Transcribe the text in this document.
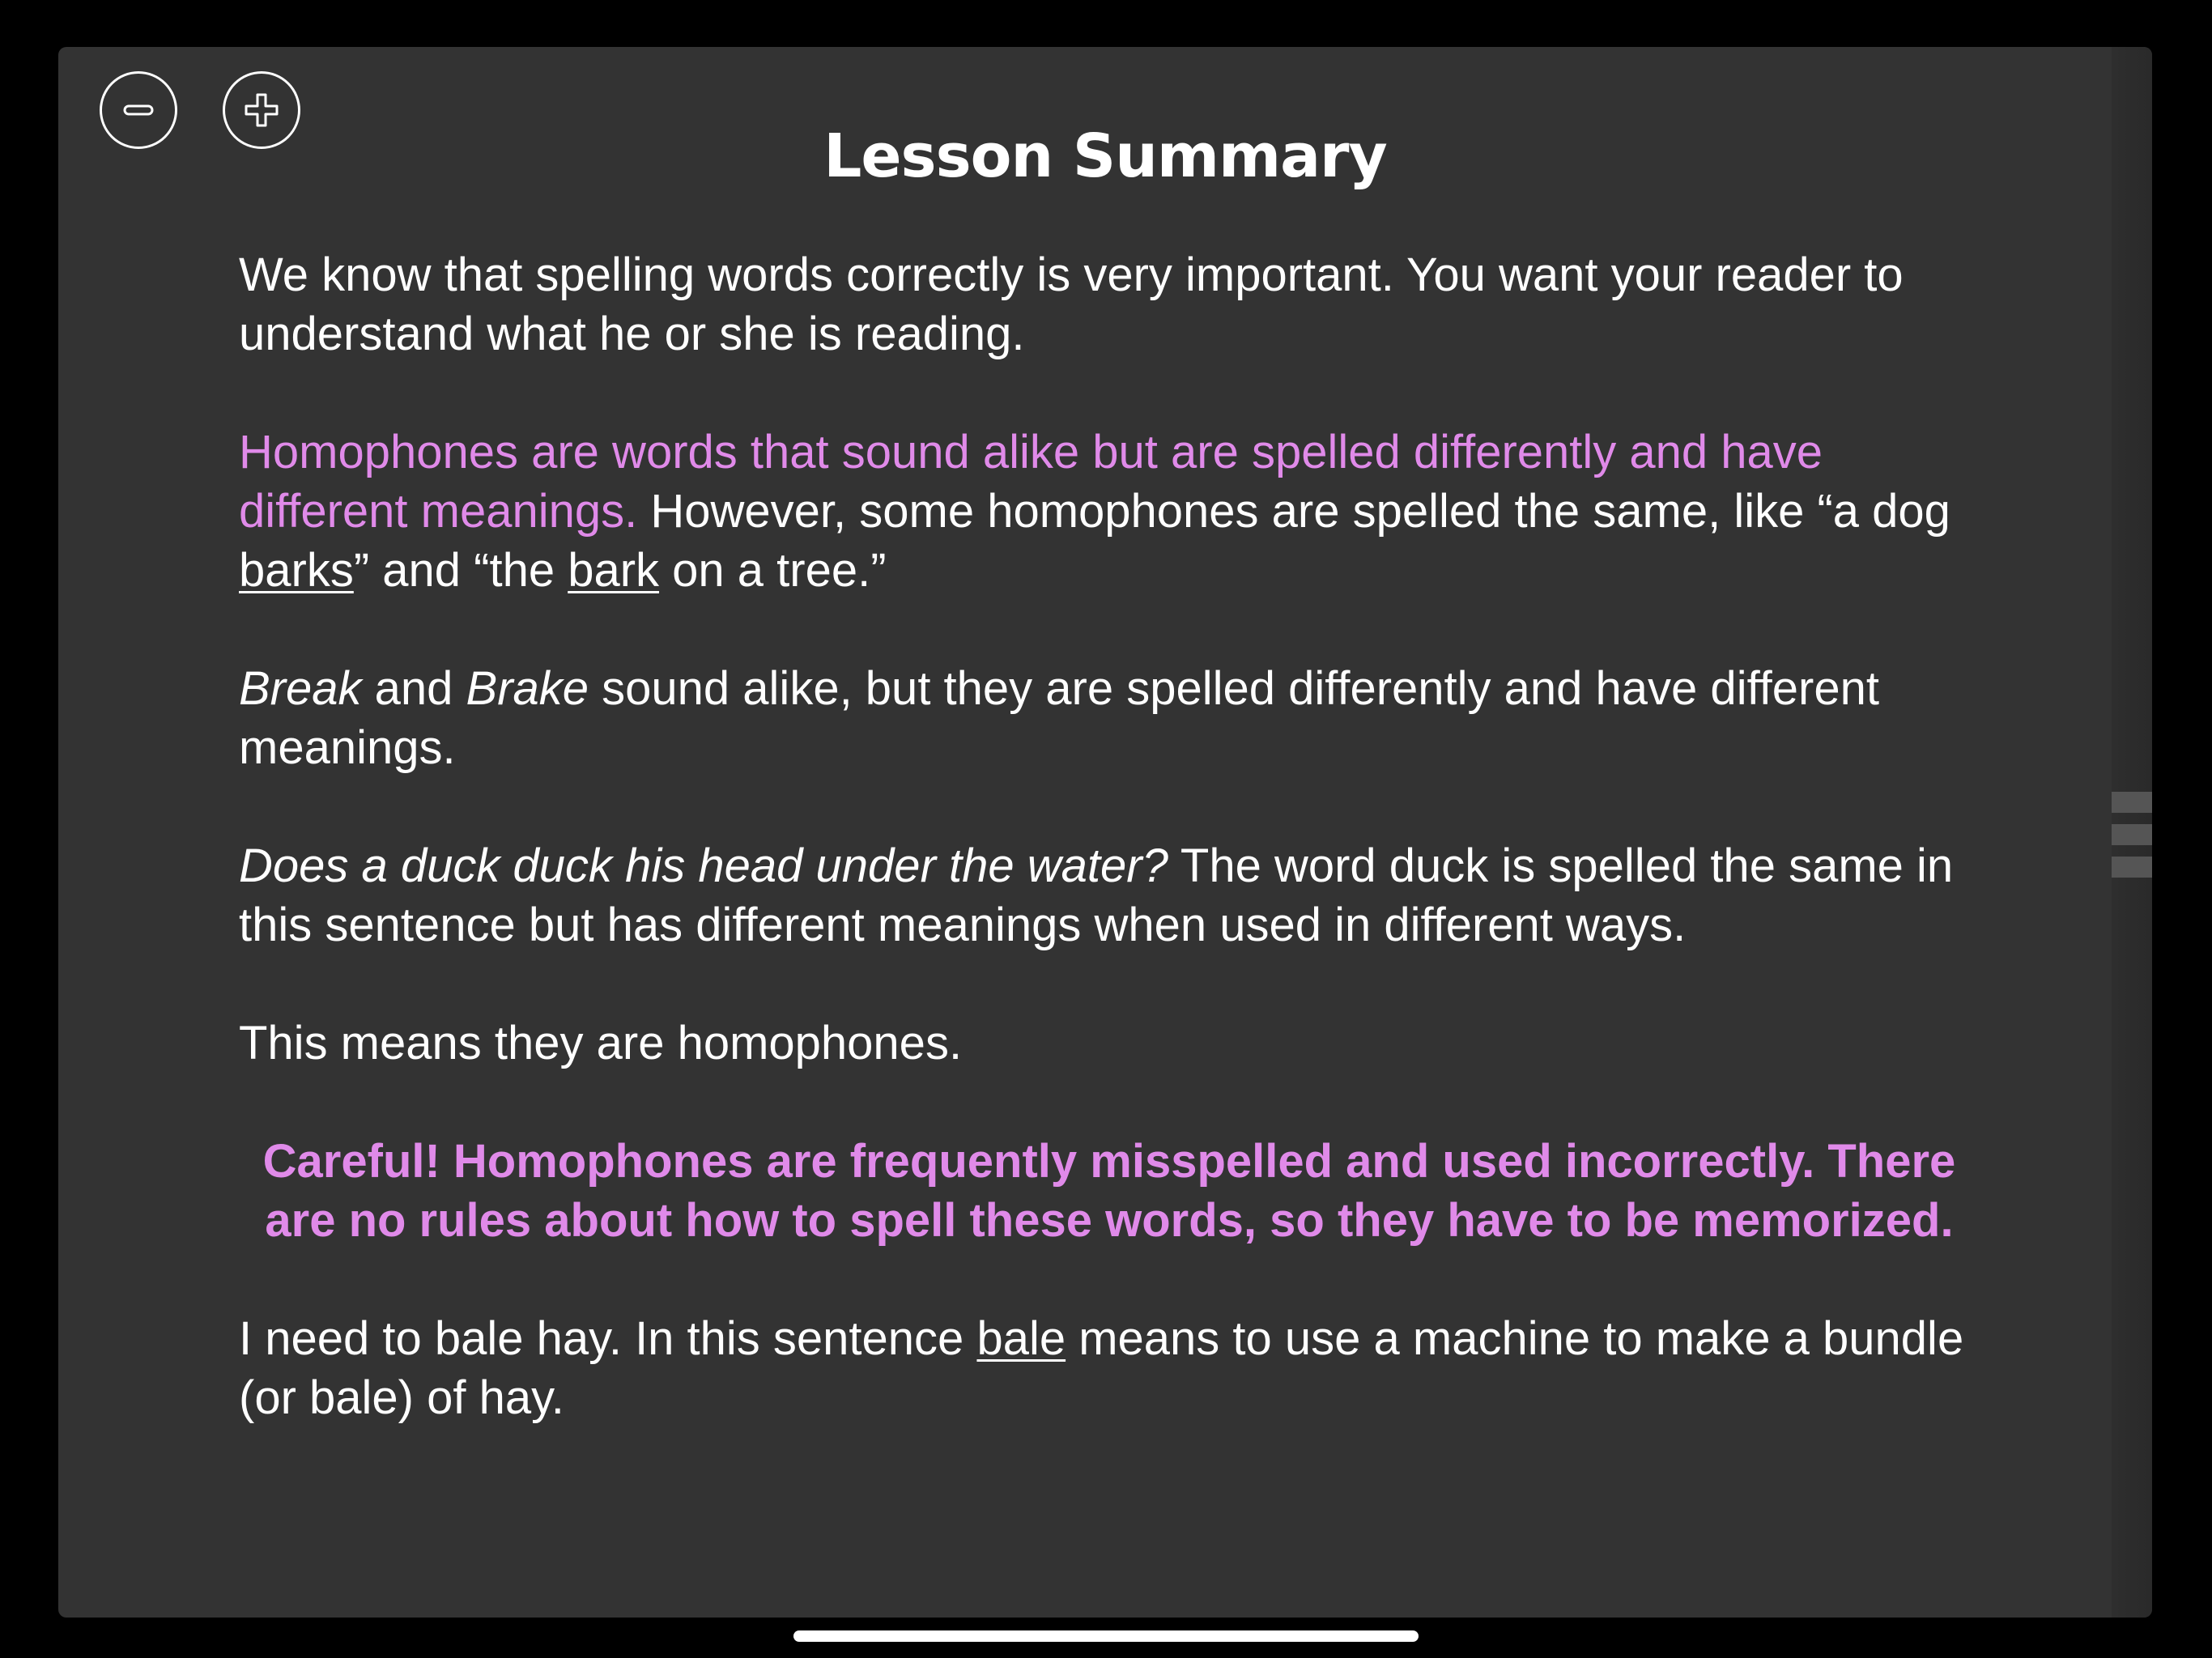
Lesson Summary

We know that spelling words correctly is very important. You want your reader to understand what he or she is reading.

Homophones are words that sound alike but are spelled differently and have different meanings. However, some homophones are spelled the same, like “a dog barks” and “the bark on a tree.”

Break and Brake sound alike, but they are spelled differently and have different meanings.

Does a duck duck his head under the water? The word duck is spelled the same in this sentence but has different meanings when used in different ways.

This means they are homophones.

Careful! Homophones are frequently misspelled and used incorrectly. There are no rules about how to spell these words, so they have to be memorized.

I need to bale hay. In this sentence bale means to use a machine to make a bundle (or bale) of hay.
